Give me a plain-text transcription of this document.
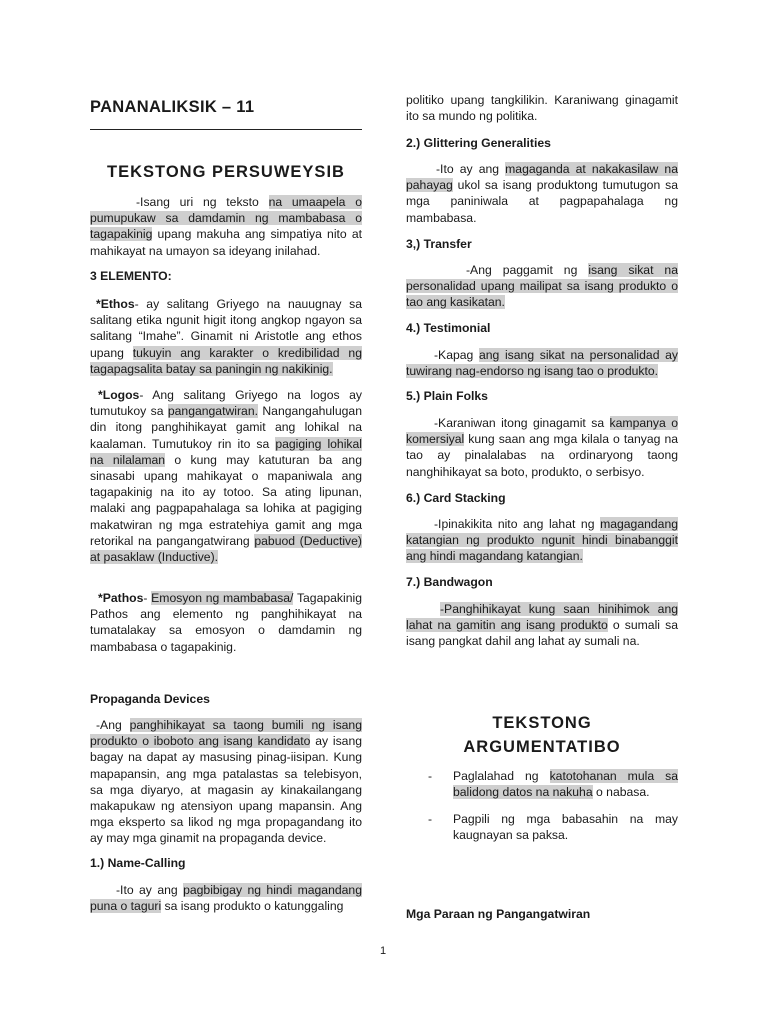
PANANALIKSIK – 11
TEKSTONG PERSUWEYSIB

-Isang uri ng teksto na umaapela o pumupukaw sa damdamin ng mambabasa o tagapakinig upang makuha ang simpatiya nito at mahikayat na umayon sa ideyang inilahad.

3 ELEMENTO:

*Ethos- ay salitang Griyego na nauugnay sa salitang etika ngunit higit itong angkop ngayon sa salitang “Imahe”. Ginamit ni Aristotle ang ethos upang tukuyin ang karakter o kredibilidad ng tagapagsalita batay sa paningin ng nakikinig.

*Logos- Ang salitang Griyego na logos ay tumutukoy sa pangangatwiran. Nangangahulugan din itong panghihikayat gamit ang lohikal na kaalaman. Tumutukoy rin ito sa pagiging lohikal na nilalaman o kung may katuturan ba ang sinasabi upang mahikayat o mapaniwala ang tagapakinig na ito ay totoo. Sa ating lipunan, malaki ang pagpapahalaga sa lohika at pagiging makatwiran ng mga estratehiya gamit ang mga retorikal na pangangatwirang pabuod (Deductive) at pasaklaw (Inductive).

*Pathos- Emosyon ng mambabasa/ Tagapakinig Pathos ang elemento ng panghihikayat na tumatalakay sa emosyon o damdamin ng mambabasa o tagapakinig.

Propaganda Devices

-Ang panghihikayat sa taong bumili ng isang produkto o iboboto ang isang kandidato ay isang bagay na dapat ay masusing pinag-iisipan. Kung mapapansin, ang mga patalastas sa telebisyon, sa mga diyaryo, at magasin ay kinakailangang makapukaw ng atensiyon upang mapansin. Ang mga eksperto sa likod ng mga propagandang ito ay may mga ginamit na propaganda device.

1.) Name-Calling

-Ito ay ang pagbibigay ng hindi magandang puna o taguri sa isang produkto o katunggaling

politiko upang tangkilikin. Karaniwang ginagamit ito sa mundo ng politika.

2.) Glittering Generalities

-Ito ay ang magaganda at nakakasilaw na pahayag ukol sa isang produktong tumutugon sa mga paniniwala at pagpapahalaga ng mambabasa.

3,) Transfer

-Ang paggamit ng isang sikat na personalidad upang mailipat sa isang produkto o tao ang kasikatan.

4.) Testimonial

-Kapag ang isang sikat na personalidad ay tuwirang nag-endorso ng isang tao o produkto.

5.) Plain Folks

-Karaniwan itong ginagamit sa kampanya o komersiyal kung saan ang mga kilala o tanyag na tao ay pinalalabas na ordinaryong taong nanghihikayat sa boto, produkto, o serbisyo.

6.) Card Stacking

-Ipinakikita nito ang lahat ng magagandang katangian ng produkto ngunit hindi binabanggit ang hindi magandang katangian.

7.) Bandwagon

-Panghihikayat kung saan hinihimok ang lahat na gamitin ang isang produkto o sumali sa isang pangkat dahil ang lahat ay sumali na.

TEKSTONG
ARGUMENTATIBO
- Paglalahad ng katotohanan mula sa balidong datos na nakuha o nabasa.

- Pagpili ng mga babasahin na may kaugnayan sa paksa.

Mga Paraan ng Pangangatwiran
1
